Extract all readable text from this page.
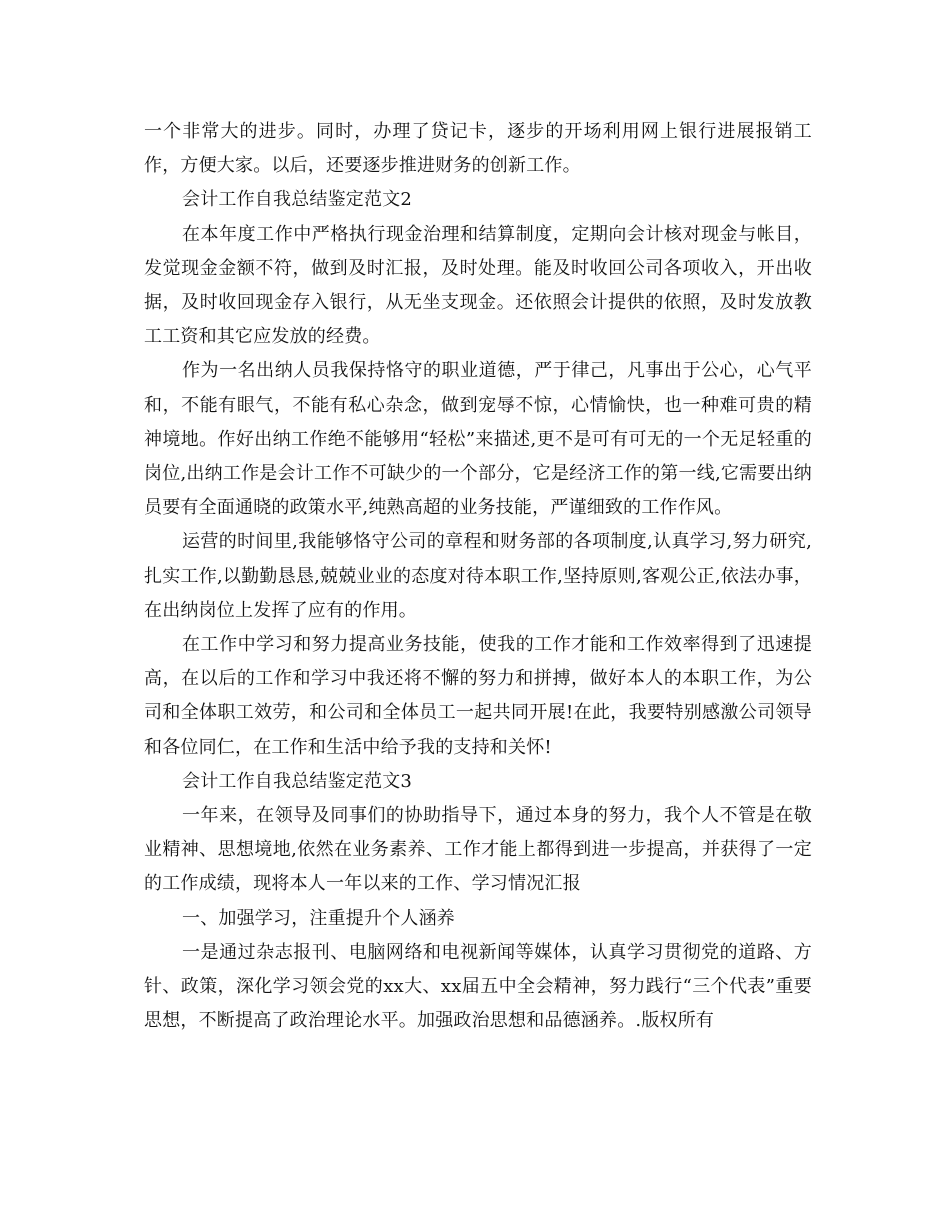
一个非常大的进步。同时，办理了贷记卡，逐步的开场利用网上银行进展报销工作，方便大家。以后，还要逐步推进财务的创新工作。

会计工作自我总结鉴定范文2

在本年度工作中严格执行现金治理和结算制度，定期向会计核对现金与帐目，发觉现金金额不符，做到及时汇报，及时处理。能及时收回公司各项收入，开出收据，及时收回现金存入银行，从无坐支现金。还依照会计提供的依照，及时发放教工工资和其它应发放的经费。

作为一名出纳人员我保持恪守的职业道德，严于律己，凡事出于公心，心气平和，不能有眼气，不能有私心杂念，做到宠辱不惊，心情愉快，也一种难可贵的精神境地。作好出纳工作绝不能够用“轻松”来描述,更不是可有可无的一个无足轻重的岗位,出纳工作是会计工作不可缺少的一个部分，它是经济工作的第一线,它需要出纳员要有全面通晓的政策水平,纯熟高超的业务技能，严谨细致的工作作风。

运营的时间里,我能够恪守公司的章程和财务部的各项制度,认真学习,努力研究,扎实工作,以勤勤恳恳,兢兢业业的态度对待本职工作,坚持原则,客观公正,依法办事，在出纳岗位上发挥了应有的作用。

在工作中学习和努力提高业务技能，使我的工作才能和工作效率得到了迅速提高，在以后的工作和学习中我还将不懈的努力和拼搏，做好本人的本职工作，为公司和全体职工效劳，和公司和全体员工一起共同开展!在此，我要特别感激公司领导和各位同仁，在工作和生活中给予我的支持和关怀!

会计工作自我总结鉴定范文3

一年来，在领导及同事们的协助指导下，通过本身的努力，我个人不管是在敬业精神、思想境地,依然在业务素养、工作才能上都得到进一步提高，并获得了一定的工作成绩，现将本人一年以来的工作、学习情况汇报

一、加强学习，注重提升个人涵养

一是通过杂志报刊、电脑网络和电视新闻等媒体，认真学习贯彻党的道路、方针、政策，深化学习领会党的xx大、xx届五中全会精神，努力践行“三个代表”重要思想，不断提高了政治理论水平。加强政治思想和品德涵养。.版权所有
